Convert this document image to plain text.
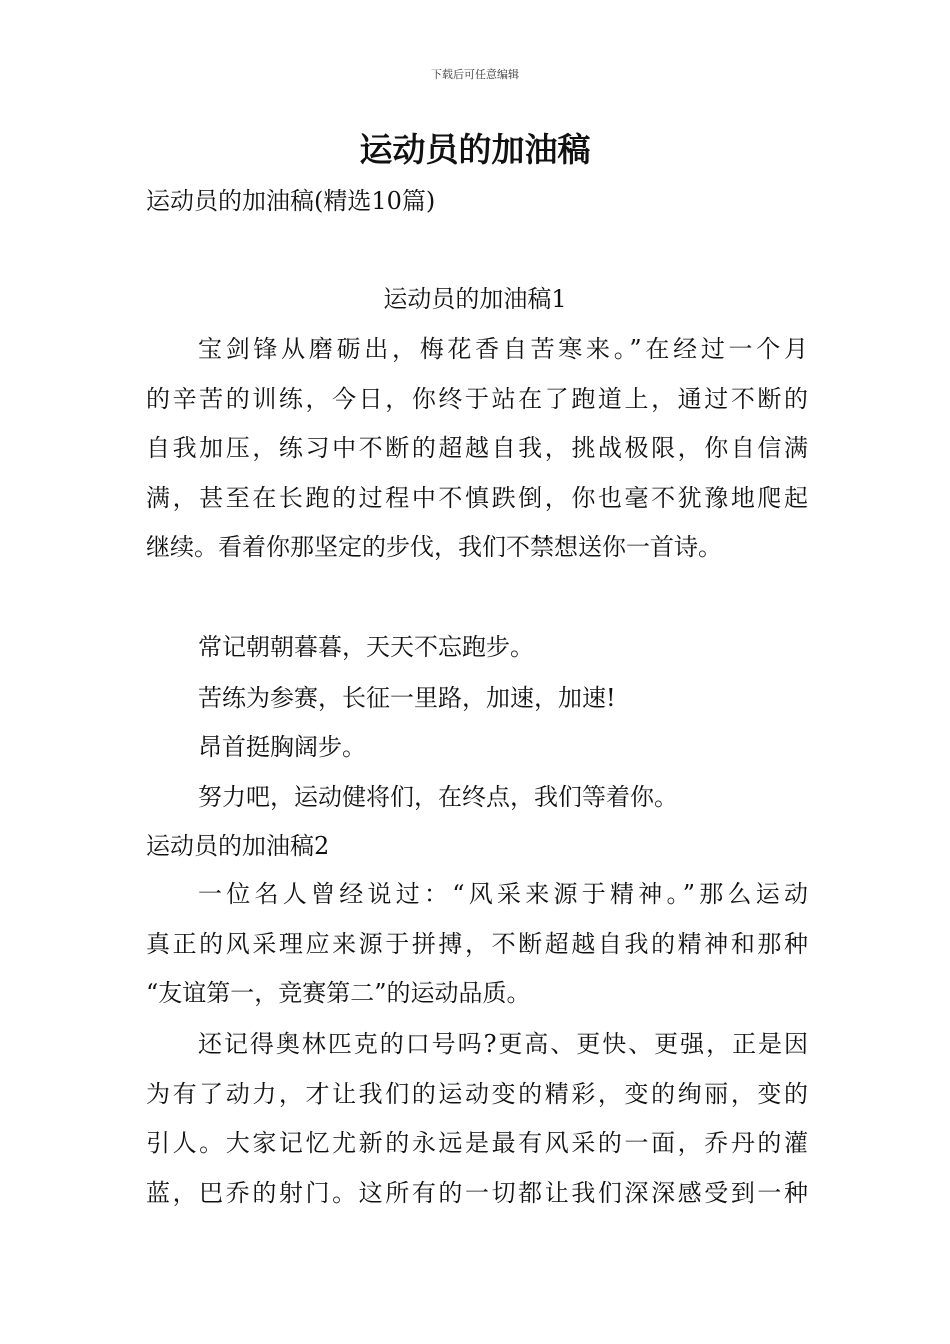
下载后可任意编辑
运动员的加油稿

运动员的加油稿(精选10篇)

运动员的加油稿1

宝剑锋从磨砺出，梅花香自苦寒来。”在经过一个月
的辛苦的训练，今日，你终于站在了跑道上，通过不断的
自我加压，练习中不断的超越自我，挑战极限，你自信满
满，甚至在长跑的过程中不慎跌倒，你也毫不犹豫地爬起
继续。看着你那坚定的步伐，我们不禁想送你一首诗。

常记朝朝暮暮，天天不忘跑步。

苦练为参赛，长征一里路，加速，加速!

昂首挺胸阔步。

努力吧，运动健将们，在终点，我们等着你。

运动员的加油稿2

一位名人曾经说过：“风采来源于精神。”那么运动
真正的风采理应来源于拼搏，不断超越自我的精神和那种
“友谊第一，竞赛第二”的运动品质。
还记得奥林匹克的口号吗?更高、更快、更强，正是因
为有了动力，才让我们的运动变的精彩，变的绚丽，变的
引人。大家记忆尤新的永远是最有风采的一面，乔丹的灌
蓝，巴乔的射门。这所有的一切都让我们深深感受到一种
